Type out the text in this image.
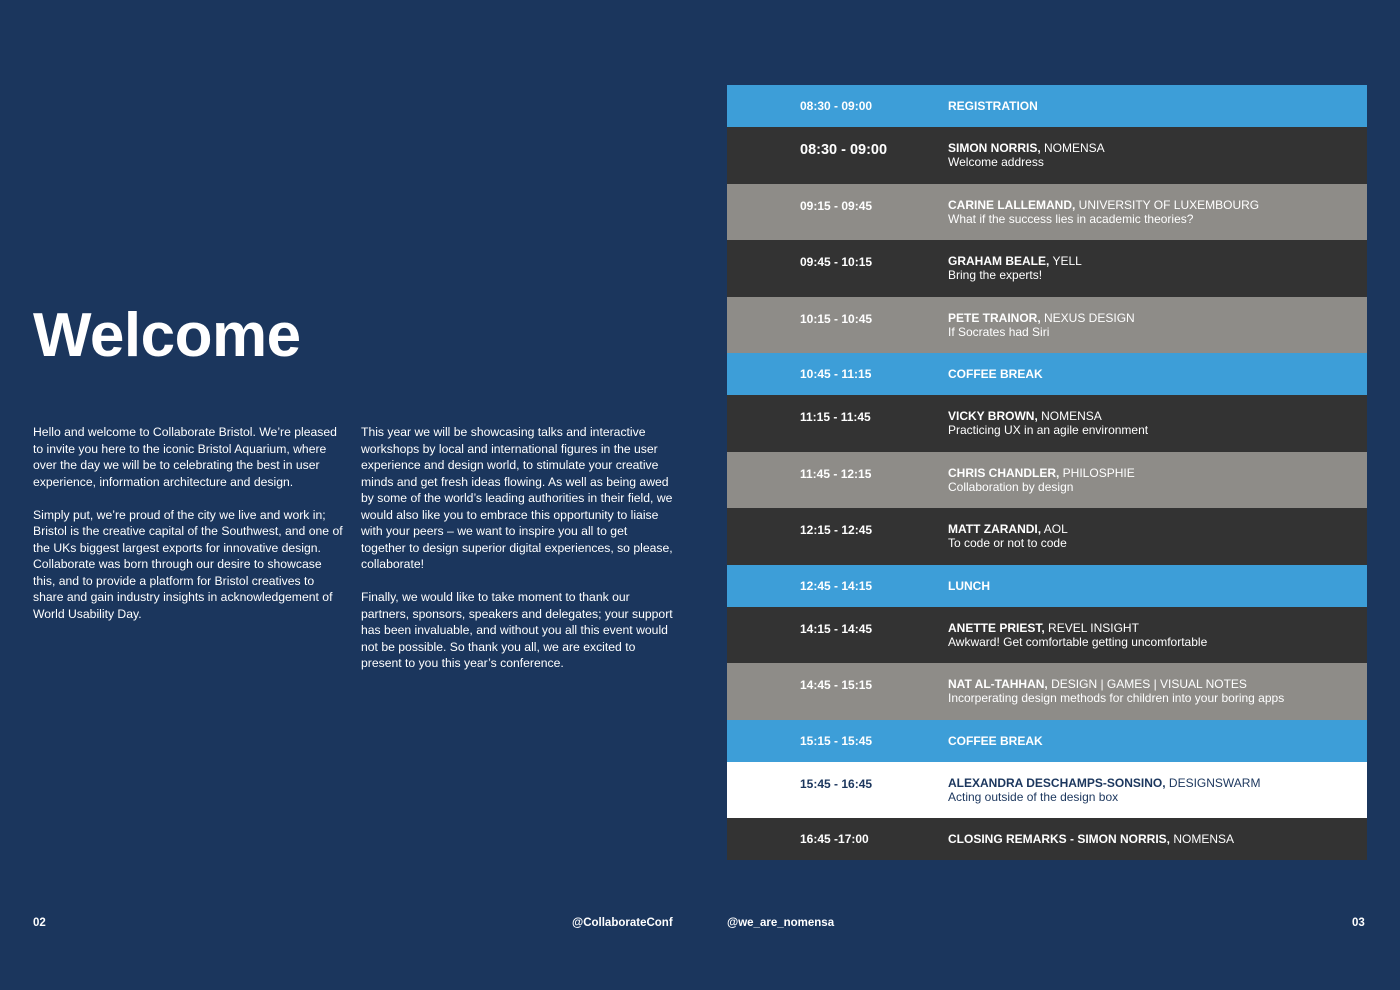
Welcome

Hello and welcome to Collaborate Bristol. We’re pleased to invite you here to the iconic Bristol Aquarium, where over the day we will be to celebrating the best in user experience, information architecture and design.

Simply put, we’re proud of the city we live and work in; Bristol is the creative capital of the Southwest, and one of the UKs biggest largest exports for innovative design. Collaborate was born through our desire to showcase this, and to provide a platform for Bristol creatives to share and gain industry insights in acknowledgement of World Usability Day.

This year we will be showcasing talks and interactive workshops by local and international figures in the user experience and design world, to stimulate your creative minds and get fresh ideas flowing. As well as being awed by some of the world’s leading authorities in their field, we would also like you to embrace this opportunity to liaise with your peers – we want to inspire you all to get together to design superior digital experiences, so please, collaborate!

Finally, we would like to take moment to thank our partners, sponsors, speakers and delegates; your support has been invaluable, and without you all this event would not be possible. So thank you all, we are excited to present to you this year’s conference.

08:30 - 09:00	REGISTRATION
08:30 - 09:00	SIMON NORRIS, NOMENSA
Welcome address
09:15 - 09:45	CARINE LALLEMAND, UNIVERSITY OF LUXEMBOURG
What if the success lies in academic theories?
09:45 - 10:15	GRAHAM BEALE, YELL
Bring the experts!
10:15 - 10:45	PETE TRAINOR, NEXUS DESIGN
If Socrates had Siri
10:45 - 11:15	COFFEE BREAK
11:15 - 11:45	VICKY BROWN, NOMENSA
Practicing UX in an agile environment
11:45 - 12:15	CHRIS CHANDLER, PHILOSPHIE
Collaboration by design
12:15 - 12:45	MATT ZARANDI, AOL
To code or not to code
12:45 - 14:15	LUNCH
14:15 - 14:45	ANETTE PRIEST, REVEL INSIGHT
Awkward! Get comfortable getting uncomfortable
14:45 - 15:15	NAT AL-TAHHAN, DESIGN | GAMES | VISUAL NOTES
Incorperating design methods for children into your boring apps
15:15 - 15:45	COFFEE BREAK
15:45 - 16:45	ALEXANDRA DESCHAMPS-SONSINO, DESIGNSWARM
Acting outside of the design box
16:45 -17:00	CLOSING REMARKS - SIMON NORRIS, NOMENSA
02	@CollaborateConf	@we_are_nomensa	03
